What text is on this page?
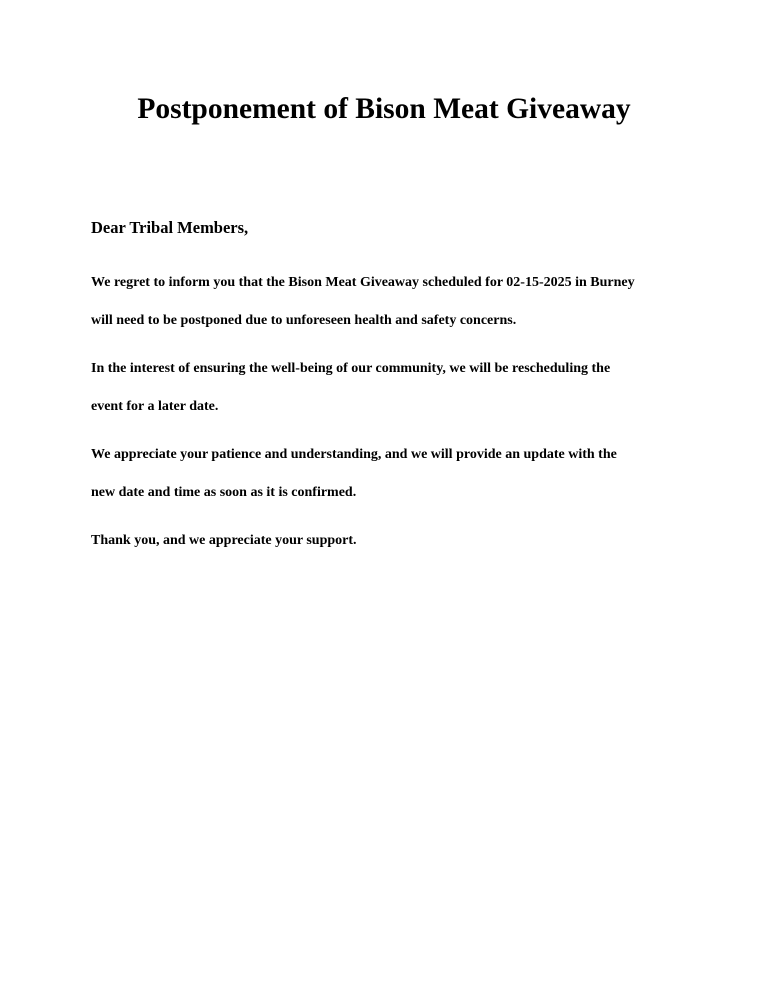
Postponement of Bison Meat Giveaway

Dear Tribal Members,

We regret to inform you that the Bison Meat Giveaway scheduled for 02-15-2025 in Burney
will need to be postponed due to unforeseen health and safety concerns.

In the interest of ensuring the well-being of our community, we will be rescheduling the
event for a later date.

We appreciate your patience and understanding, and we will provide an update with the
new date and time as soon as it is confirmed.

Thank you, and we appreciate your support.
